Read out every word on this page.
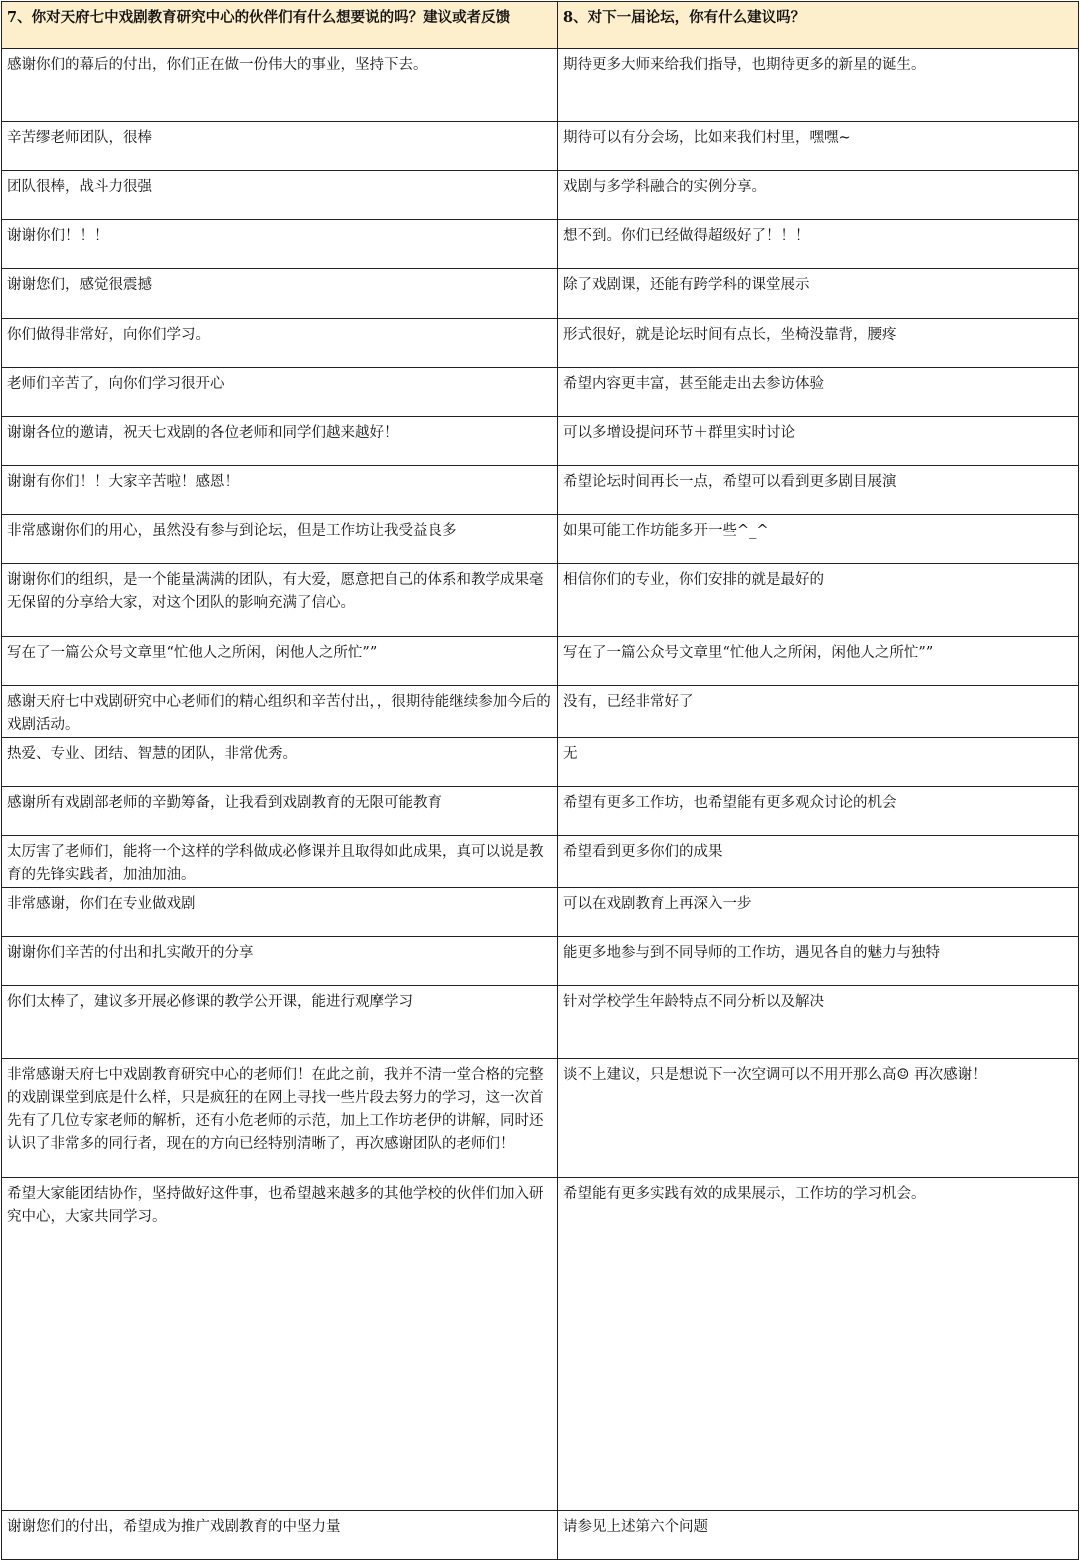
7、你对天府七中戏剧教育研究中心的伙伴们有什么想要说的吗？建议或者反馈	8、对下一届论坛，你有什么建议吗？
感谢你们的幕后的付出，你们正在做一份伟大的事业，坚持下去。	期待更多大师来给我们指导，也期待更多的新星的诞生。
辛苦缪老师团队，很棒	期待可以有分会场，比如来我们村里，嘿嘿~
团队很棒，战斗力很强	戏剧与多学科融合的实例分享。
谢谢你们！！！	想不到。你们已经做得超级好了！！！
谢谢您们，感觉很震撼	除了戏剧课，还能有跨学科的课堂展示
你们做得非常好，向你们学习。	形式很好，就是论坛时间有点长，坐椅没靠背，腰疼
老师们辛苦了，向你们学习很开心	希望内容更丰富，甚至能走出去参访体验
谢谢各位的邀请，祝天七戏剧的各位老师和同学们越来越好！	可以多增设提问环节＋群里实时讨论
谢谢有你们！！大家辛苦啦！感恩！	希望论坛时间再长一点，希望可以看到更多剧目展演
非常感谢你们的用心，虽然没有参与到论坛，但是工作坊让我受益良多	如果可能工作坊能多开一些^_^
谢谢你们的组织，是一个能量满满的团队，有大爱，愿意把自己的体系和教学成果毫无保留的分享给大家，对这个团队的影响充满了信心。	相信你们的专业，你们安排的就是最好的
写在了一篇公众号文章里“忙他人之所闲，闲他人之所忙””	写在了一篇公众号文章里“忙他人之所闲，闲他人之所忙””
感谢天府七中戏剧研究中心老师们的精心组织和辛苦付出，，很期待能继续参加今后的戏剧活动。	没有，已经非常好了
热爱、专业、团结、智慧的团队，非常优秀。	无
感谢所有戏剧部老师的辛勤筹备，让我看到戏剧教育的无限可能教育	希望有更多工作坊，也希望能有更多观众讨论的机会
太厉害了老师们，能将一个这样的学科做成必修课并且取得如此成果，真可以说是教育的先锋实践者，加油加油。	希望看到更多你们的成果
非常感谢，你们在专业做戏剧	可以在戏剧教育上再深入一步
谢谢你们辛苦的付出和扎实敞开的分享	能更多地参与到不同导师的工作坊，遇见各自的魅力与独特
你们太棒了，建议多开展必修课的教学公开课，能进行观摩学习	针对学校学生年龄特点不同分析以及解决
非常感谢天府七中戏剧教育研究中心的老师们！在此之前，我并不清一堂合格的完整的戏剧课堂到底是什么样，只是疯狂的在网上寻找一些片段去努力的学习，这一次首先有了几位专家老师的解析，还有小危老师的示范，加上工作坊老伊的讲解，同时还认识了非常多的同行者，现在的方向已经特别清晰了，再次感谢团队的老师们！	谈不上建议，只是想说下一次空调可以不用开那么高☺ 再次感谢！
希望大家能团结协作，坚持做好这件事，也希望越来越多的其他学校的伙伴们加入研究中心，大家共同学习。	希望能有更多实践有效的成果展示，工作坊的学习机会。
谢谢您们的付出，希望成为推广戏剧教育的中坚力量	请参见上述第六个问题
